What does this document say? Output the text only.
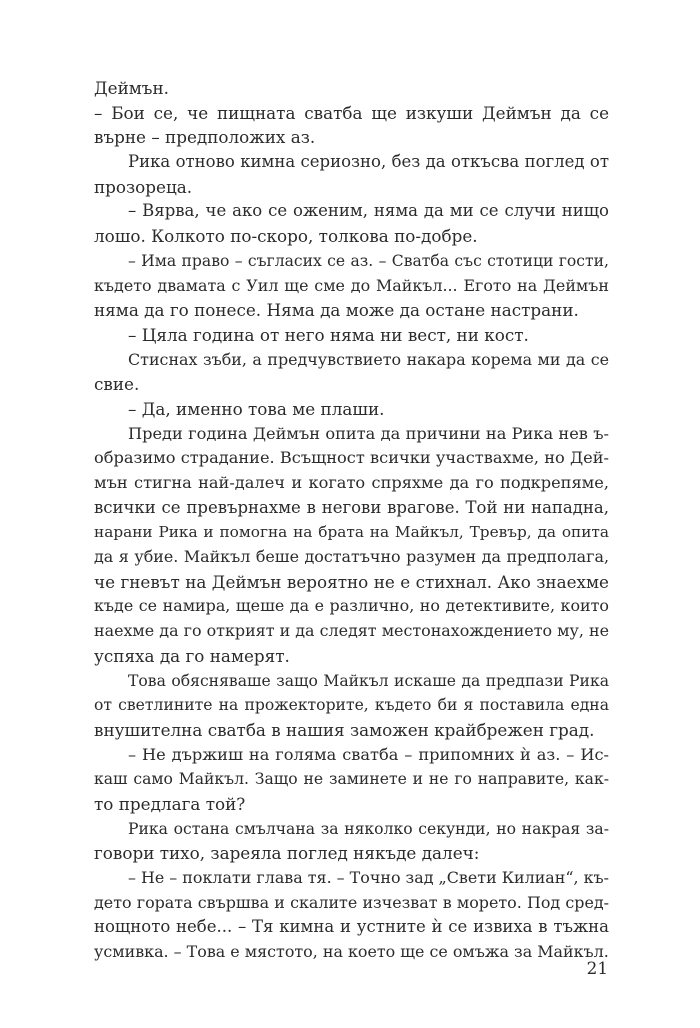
Деймън.
– Бои се, че пищната сватба ще изкуши Деймън да се
върне – предположих аз.
Рика отново кимна сериозно, без да откъсва поглед от
прозореца.
– Вярва, че ако се оженим, няма да ми се случи нищо
лошо. Колкото по-скоро, толкова по-добре.
– Има право – съгласих се аз. – Сватба със стотици гости,
където двамата с Уил ще сме до Майкъл... Егото на Деймън
няма да го понесе. Няма да може да остане настрани.
– Цяла година от него няма ни вест, ни кост.
Стиснах зъби, а предчувствието накара корема ми да се
свие.
– Да, именно това ме плаши.
Преди година Деймън опита да причини на Рика нев ъ-
образимо страдание. Всъщност всички участвахме, но Дей-
мън стигна най-далеч и когато спряхме да го подкрепяме,
всички се превърнахме в негови врагове. Той ни нападна,
нарани Рика и помогна на брата на Майкъл, Тревър, да опита
да я убие. Майкъл беше достатъчно разумен да предполага,
че гневът на Деймън вероятно не е стихнал. Ако знаехме
къде се намира, щеше да е различно, но детективите, които
наехме да го открият и да следят местонахождението му, не
успяха да го намерят.
Това обясняваше защо Майкъл искаше да предпази Рика
от светлините на прожекторите, където би я поставила една
внушителна сватба в нашия заможен крайбрежен град.
– Не държиш на голяма сватба – припомних ѝ аз. – Ис-
каш само Майкъл. Защо не заминете и не го направите, как-
то предлага той?
Рика остана смълчана за няколко секунди, но накрая за-
говори тихо, зареяла поглед някъде далеч:
– Не – поклати глава тя. – Точно зад „Свети Килиан“, къ-
дето гората свършва и скалите изчезват в морето. Под сред-
нощното небе... – Тя кимна и устните ѝ се извиха в тъжна
усмивка. – Това е мястото, на което ще се омъжа за Майкъл.
21
